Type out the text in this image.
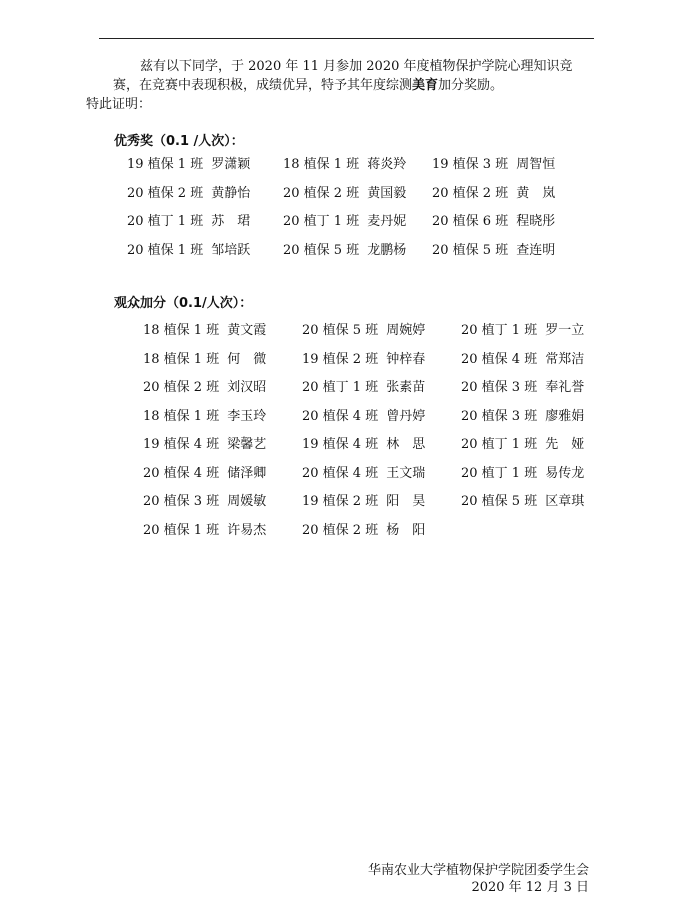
兹有以下同学，于 2020 年 11 月参加 2020 年度植物保护学院心理知识竞赛，在竞赛中表现积极，成绩优异，特予其年度综测美育加分奖励。
特此证明：

优秀奖（0.1 /人次）：
19 植保 1 班 罗潇颖	18 植保 1 班 蒋炎羚 19 植保 3 班 周智恒
20 植保 2 班 黄静怡	20 植保 2 班 黄国毅 20 植保 2 班 黄　岚
20 植丁 1 班 苏　珺	20 植丁 1 班 麦丹妮 20 植保 6 班 程晓彤
20 植保 1 班 邹培跃	20 植保 5 班 龙鹏杨 20 植保 5 班 查连明
观众加分（0.1/人次）：
18 植保 1 班 黄文霞	20 植保 5 班 周婉婷	20 植丁 1 班 罗一立
18 植保 1 班 何　微	19 植保 2 班 钟梓春	20 植保 4 班 常郑洁
20 植保 2 班 刘汉昭	20 植丁 1 班 张素苗	20 植保 3 班 奉礼誉
18 植保 1 班 李玉玲	20 植保 4 班 曾丹婷	20 植保 3 班 廖雅娟
19 植保 4 班 梁馨艺	19 植保 4 班 林　思	20 植丁 1 班 先　娅
20 植保 4 班 储泽卿	20 植保 4 班 王文瑞	20 植丁 1 班 易传龙
20 植保 3 班 周媛敏	19 植保 2 班 阳　昊	20 植保 5 班 区章琪
20 植保 1 班 许易杰	20 植保 2 班 杨　阳
华南农业大学植物保护学院团委学生会
2020 年 12 月 3 日
